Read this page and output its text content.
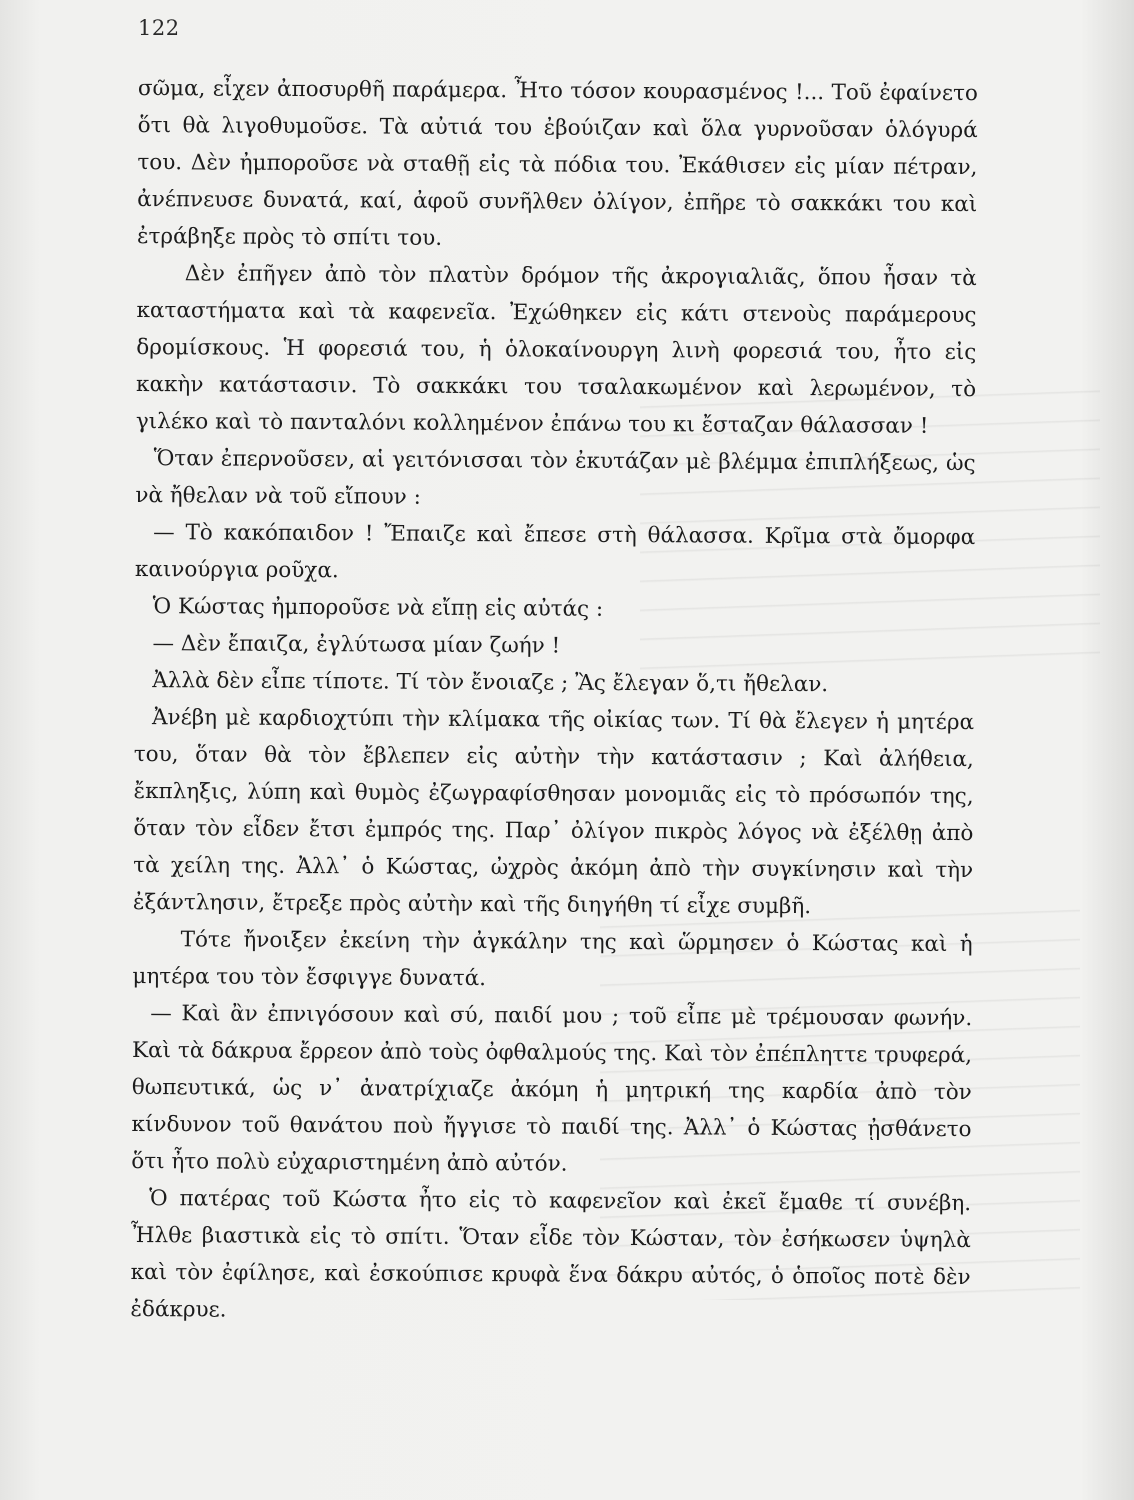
122

σῶμα, εἶχεν ἀποσυρθῆ παράμερα. Ἦτο τόσον κουρασμένος !... Τοῦ ἐφαίνετο ὅτι θὰ λιγοθυμοῦσε. Τὰ αὐτιά του ἐβούιζαν καὶ ὅλα γυρνοῦσαν ὁλόγυρά του. Δὲν ἠμποροῦσε νὰ σταθῇ εἰς τὰ πόδια του. Ἐκάθισεν εἰς μίαν πέτραν, ἀνέπνευσε δυνατά, καί, ἀφοῦ συνῆλθεν ὀλίγον, ἐπῆρε τὸ σακκάκι του καὶ ἐτράβηξε πρὸς τὸ σπίτι του.

Δὲν ἐπῆγεν ἀπὸ τὸν πλατὺν δρόμον τῆς ἀκρογιαλιᾶς, ὅπου ἦσαν τὰ καταστήματα καὶ τὰ καφενεῖα. Ἐχώθηκεν εἰς κάτι στενοὺς παράμερους δρομίσκους. Ἡ φορεσιά του, ἡ ὁλοκαίνουργη λινὴ φορεσιά του, ἦτο εἰς κακὴν κατάστασιν. Τὸ σακκάκι του τσαλακωμένον καὶ λερωμένον, τὸ γιλέκο καὶ τὸ πανταλόνι κολλημένον ἐπάνω του κι ἔσταζαν θάλασσαν !

Ὅταν ἐπερνοῦσεν, αἱ γειτόνισσαι τὸν ἐκυτάζαν μὲ βλέμμα ἐπιπλήξεως, ὡς νὰ ἤθελαν νὰ τοῦ εἴπουν :

— Τὸ κακόπαιδον ! Ἔπαιζε καὶ ἔπεσε στὴ θάλασσα. Κρῖμα στὰ ὄμορφα καινούργια ροῦχα.

Ὁ Κώστας ἠμποροῦσε νὰ εἴπῃ εἰς αὐτάς :

— Δὲν ἔπαιζα, ἐγλύτωσα μίαν ζωήν !

Ἀλλὰ δὲν εἶπε τίποτε. Τί τὸν ἔνοιαζε ; Ἂς ἔλεγαν ὅ,τι ἤθελαν.

Ἀνέβη μὲ καρδιοχτύπι τὴν κλίμακα τῆς οἰκίας των. Τί θὰ ἔλεγεν ἡ μητέρα του, ὅταν θὰ τὸν ἔβλεπεν εἰς αὐτὴν τὴν κατάστασιν ; Καὶ ἀλήθεια, ἔκπληξις, λύπη καὶ θυμὸς ἐζωγραφίσθησαν μονομιᾶς εἰς τὸ πρόσωπόν της, ὅταν τὸν εἶδεν ἔτσι ἐμπρός της. Παρ᾽ ὀλίγον πικρὸς λόγος νὰ ἐξέλθῃ ἀπὸ τὰ χείλη της. Ἀλλ᾽ ὁ Κώστας, ὠχρὸς ἀκόμη ἀπὸ τὴν συγκίνησιν καὶ τὴν ἐξάντλησιν, ἔτρεξε πρὸς αὐτὴν καὶ τῆς διηγήθη τί εἶχε συμβῆ.

Τότε ἤνοιξεν ἐκείνη τὴν ἀγκάλην της καὶ ὥρμησεν ὁ Κώστας καὶ ἡ μητέρα του τὸν ἔσφιγγε δυνατά.

— Καὶ ἂν ἐπνιγόσουν καὶ σύ, παιδί μου ; τοῦ εἶπε μὲ τρέμουσαν φωνήν. Καὶ τὰ δάκρυα ἔρρεον ἀπὸ τοὺς ὀφθαλμούς της. Καὶ τὸν ἐπέπληττε τρυφερά, θωπευτικά, ὡς ν᾽ ἀνατρίχιαζε ἀκόμη ἡ μητρική της καρδία ἀπὸ τὸν κίνδυνον τοῦ θανάτου ποὺ ἤγγισε τὸ παιδί της. Ἀλλ᾽ ὁ Κώστας ᾐσθάνετο ὅτι ἦτο πολὺ εὐχαριστημένη ἀπὸ αὐτόν.

Ὁ πατέρας τοῦ Κώστα ἦτο εἰς τὸ καφενεῖον καὶ ἐκεῖ ἔμαθε τί συνέβη. Ἦλθε βιαστικὰ εἰς τὸ σπίτι. Ὅταν εἶδε τὸν Κώσταν, τὸν ἐσήκωσεν ὑψηλὰ καὶ τὸν ἐφίλησε, καὶ ἐσκούπισε κρυφὰ ἕνα δάκρυ αὐτός, ὁ ὁποῖος ποτὲ δὲν ἐδάκρυε.
